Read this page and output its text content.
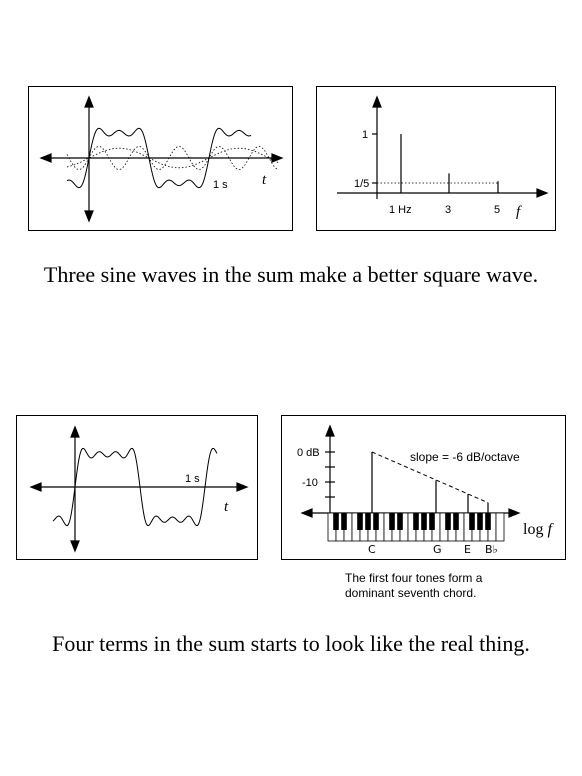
1 s t
1
1/5
1 Hz	3	5 f
Three sine waves in the sum make a better square wave.
1 s
t
0 dB
-10
slope = -6 dB/octave
log f
C	G E B♭
The first four tones form a
dominant seventh chord.
Four terms in the sum starts to look like the real thing.
